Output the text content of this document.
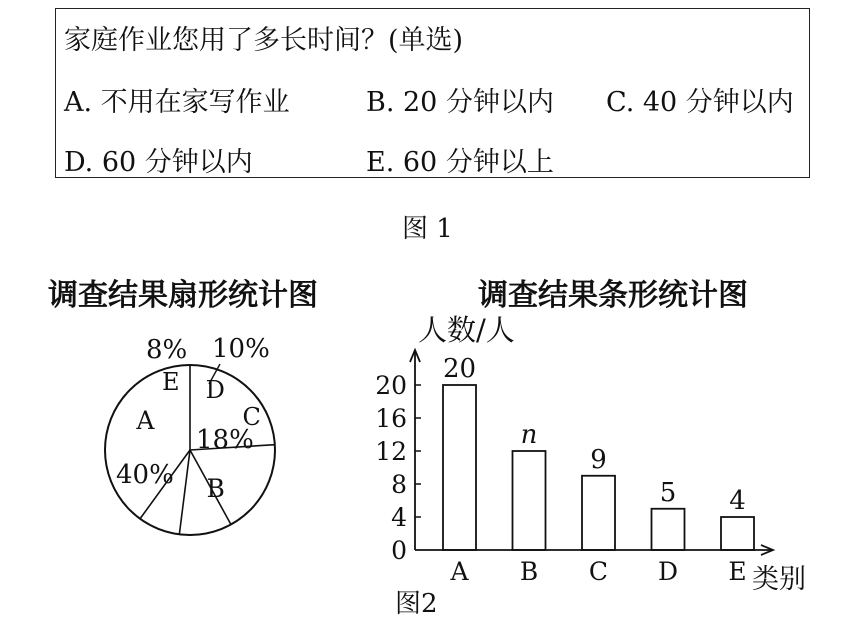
家庭作业您用了多长时间？(单选)
A. 不用在家写作业	B. 20 分钟以内 C. 40 分钟以内
D. 60 分钟以内	E. 60 分钟以上
图 1
调查结果扇形统计图	调查结果条形统计图
A
B
C
D
E
40%
18%
10%
8%
人数/人
类别
图2
0
4
8
12
16
20
20
A
n
B
9
C
5
D
4
E
